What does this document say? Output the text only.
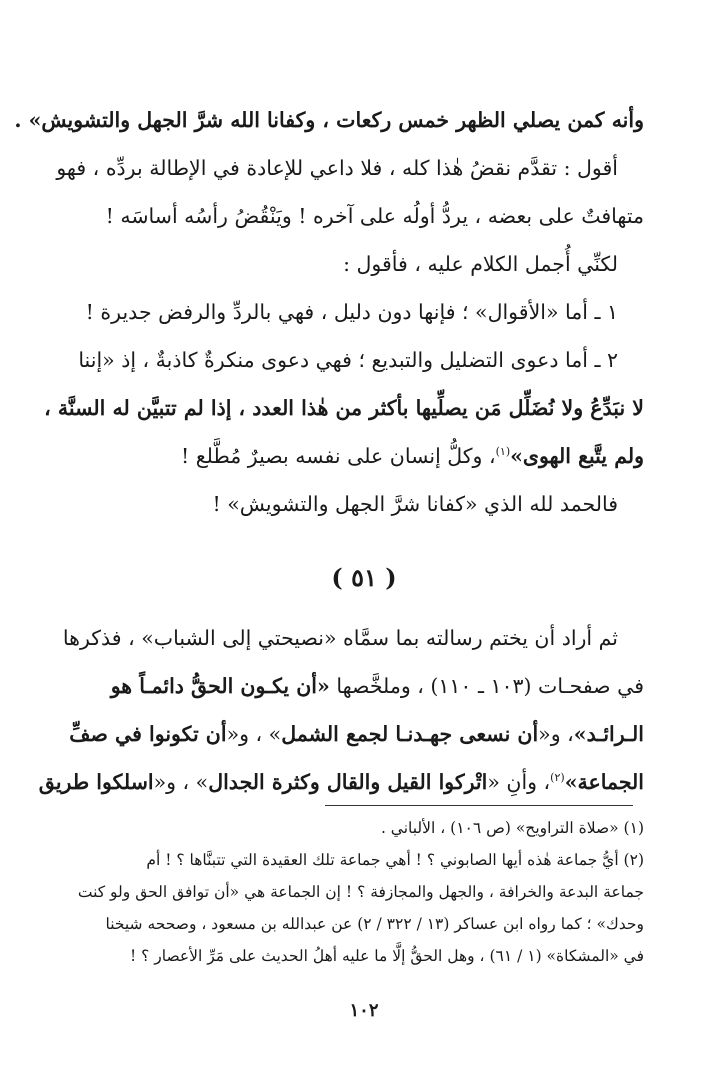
وأنه كمن يصلي الظهر خمس ركعات ، وكفانا الله شرَّ الجهل والتشويش» .
أقول : تقدَّم نقضُ هٰذا كله ، فلا داعي للإعادة في الإطالة بردِّه ، فهو
متهافتٌ على بعضه ، يردُّ أولُه على آخره ! ويَنْقُضُ رأسُه أساسَه !
لكنِّي أُجمل الكلام عليه ، فأقول :
١ ـ أما «الأقوال» ؛ فإنها دون دليل ، فهي بالردِّ والرفض جديرة !
٢ ـ أما دعوى التضليل والتبديع ؛ فهي دعوى منكرةٌ كاذبةٌ ، إذ «إننا
لا نبَدِّعُ ولا نُضَلِّل مَن يصلِّيها بأكثر من هٰذا العدد ، إذا لم تتبيَّن له السنَّة ،
ولم يتَّبع الهوى»$^{(١)}$، وكلُّ إنسان على نفسه بصيرٌ مُطَّلع !
فالحمد لله الذي «كفانا شرَّ الجهل والتشويش» !
( ٥١ )
ثم أراد أن يختم رسالته بما سمَّاه «نصيحتي إلى الشباب» ، فذكرها
في صفحـات (١٠٣ ـ ١١٠) ، وملخَّصها «أن يكـون الحقُّ دائمـاً هو
الـرائـد»، و«أن نسعى جهـدنـا لجمع الشمل» ، و«أن تكونوا في صفِّ
الجماعة»$^{(٢)}$، وأنِ «اتْركوا القيل والقال وكثرة الجدال» ، و«اسلكوا طريق
(١) «صلاة التراويح» (ص ١٠٦) ، الألباني .
(٢) أيُّ جماعة هٰذه أيها الصابوني ؟ ! أهي جماعة تلك العقيدة التي تتبنَّاها ؟ ! أم
جماعة البدعة والخرافة ، والجهل والمجازفة ؟ ! إن الجماعة هي «أن توافق الحق ولو كنت
وحدك» ؛ كما رواه ابن عساكر (١٣ / ٣٢٢ / ٢) عن عبدالله بن مسعود ، وصححه شيخنا
في «المشكاة» (١ / ٦١) ، وهل الحقُّ إلَّا ما عليه أهلُ الحديث على مَرِّ الأعصار ؟ !
١٠٢
